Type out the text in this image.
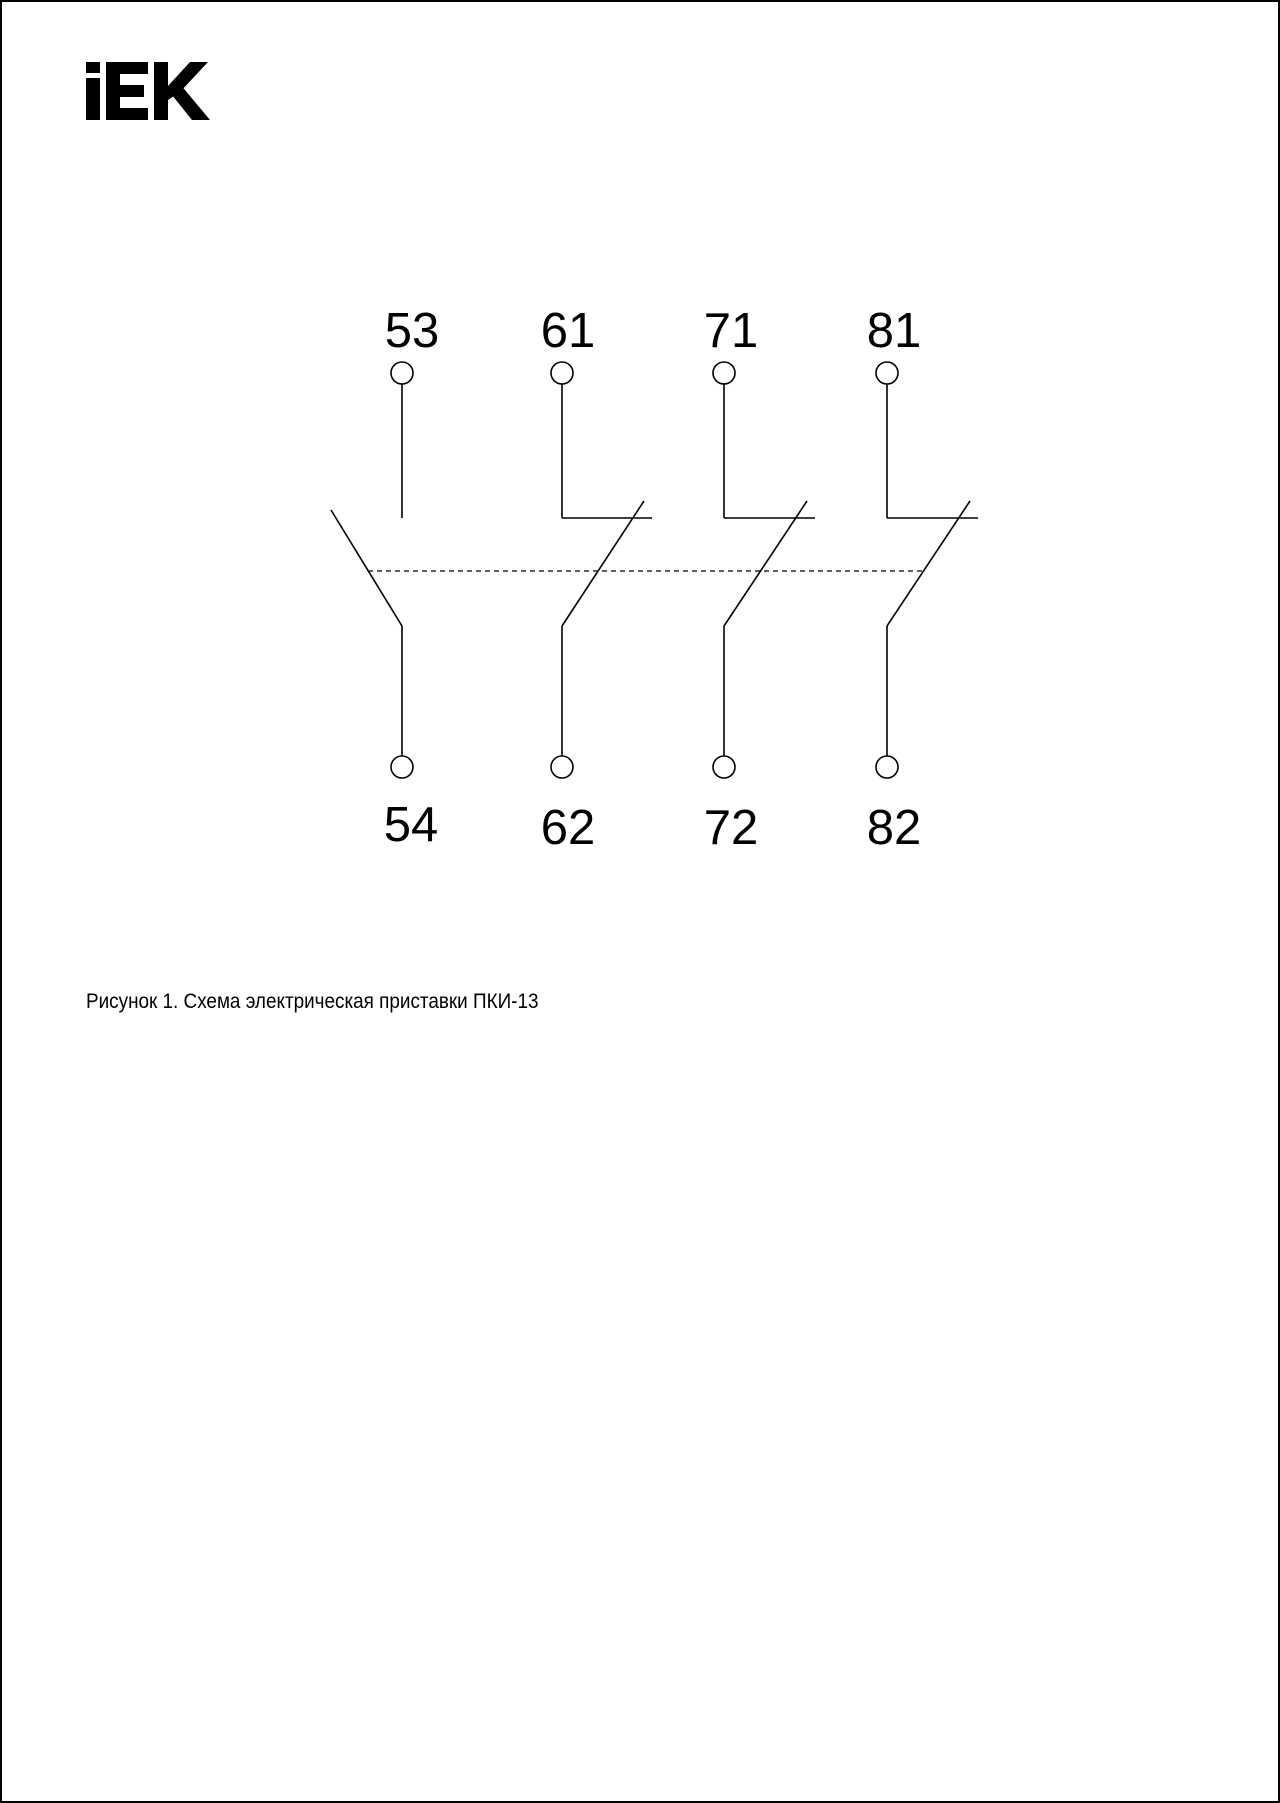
53 61 71 81
54 62 72 82
Рисунок 1. Схема электрическая приставки ПКИ-13
